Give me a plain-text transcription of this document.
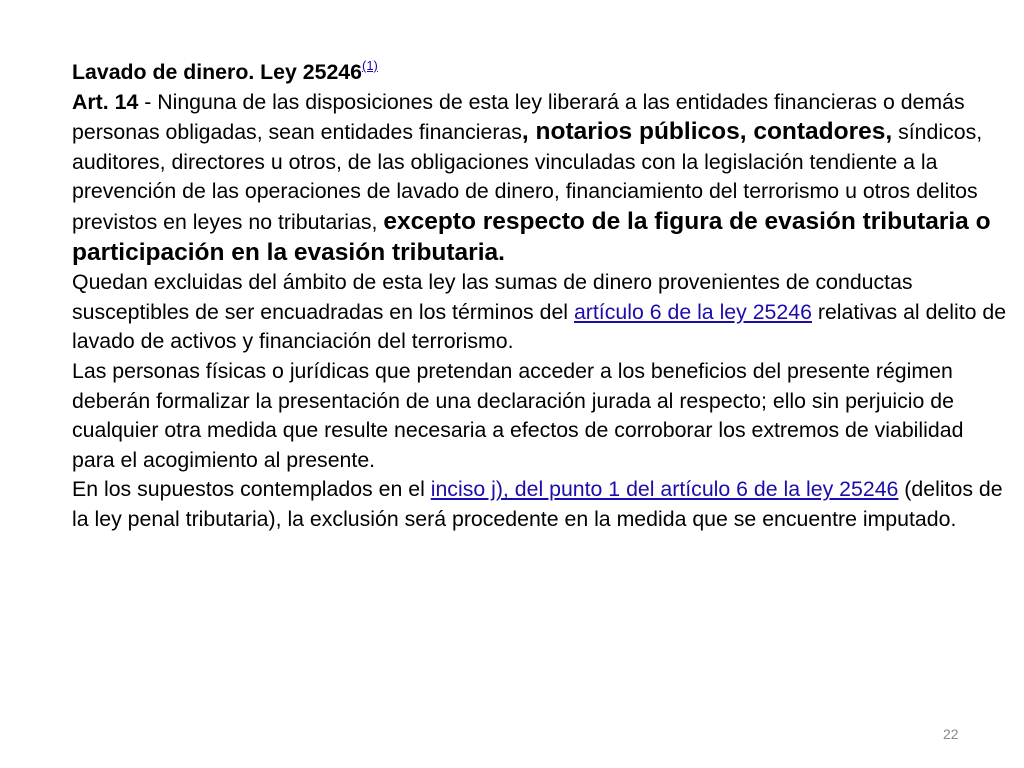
Lavado de dinero. Ley 25246$^{(1)}$

Art. 14 - Ninguna de las disposiciones de esta ley liberará a las entidades financieras o demás personas obligadas, sean entidades financieras, notarios públicos, contadores, síndicos, auditores, directores u otros, de las obligaciones vinculadas con la legislación tendiente a la prevención de las operaciones de lavado de dinero, financiamiento del terrorismo u otros delitos previstos en leyes no tributarias, excepto respecto de la figura de evasión tributaria o participación en la evasión tributaria.

Quedan excluidas del ámbito de esta ley las sumas de dinero provenientes de conductas susceptibles de ser encuadradas en los términos del artículo 6 de la ley 25246 relativas al delito de lavado de activos y financiación del terrorismo.

Las personas físicas o jurídicas que pretendan acceder a los beneficios del presente régimen deberán formalizar la presentación de una declaración jurada al respecto; ello sin perjuicio de cualquier otra medida que resulte necesaria a efectos de corroborar los extremos de viabilidad para el acogimiento al presente.

En los supuestos contemplados en el inciso j), del punto 1 del artículo 6 de la ley 25246 (delitos de la ley penal tributaria), la exclusión será procedente en la medida que se encuentre imputado.

22
